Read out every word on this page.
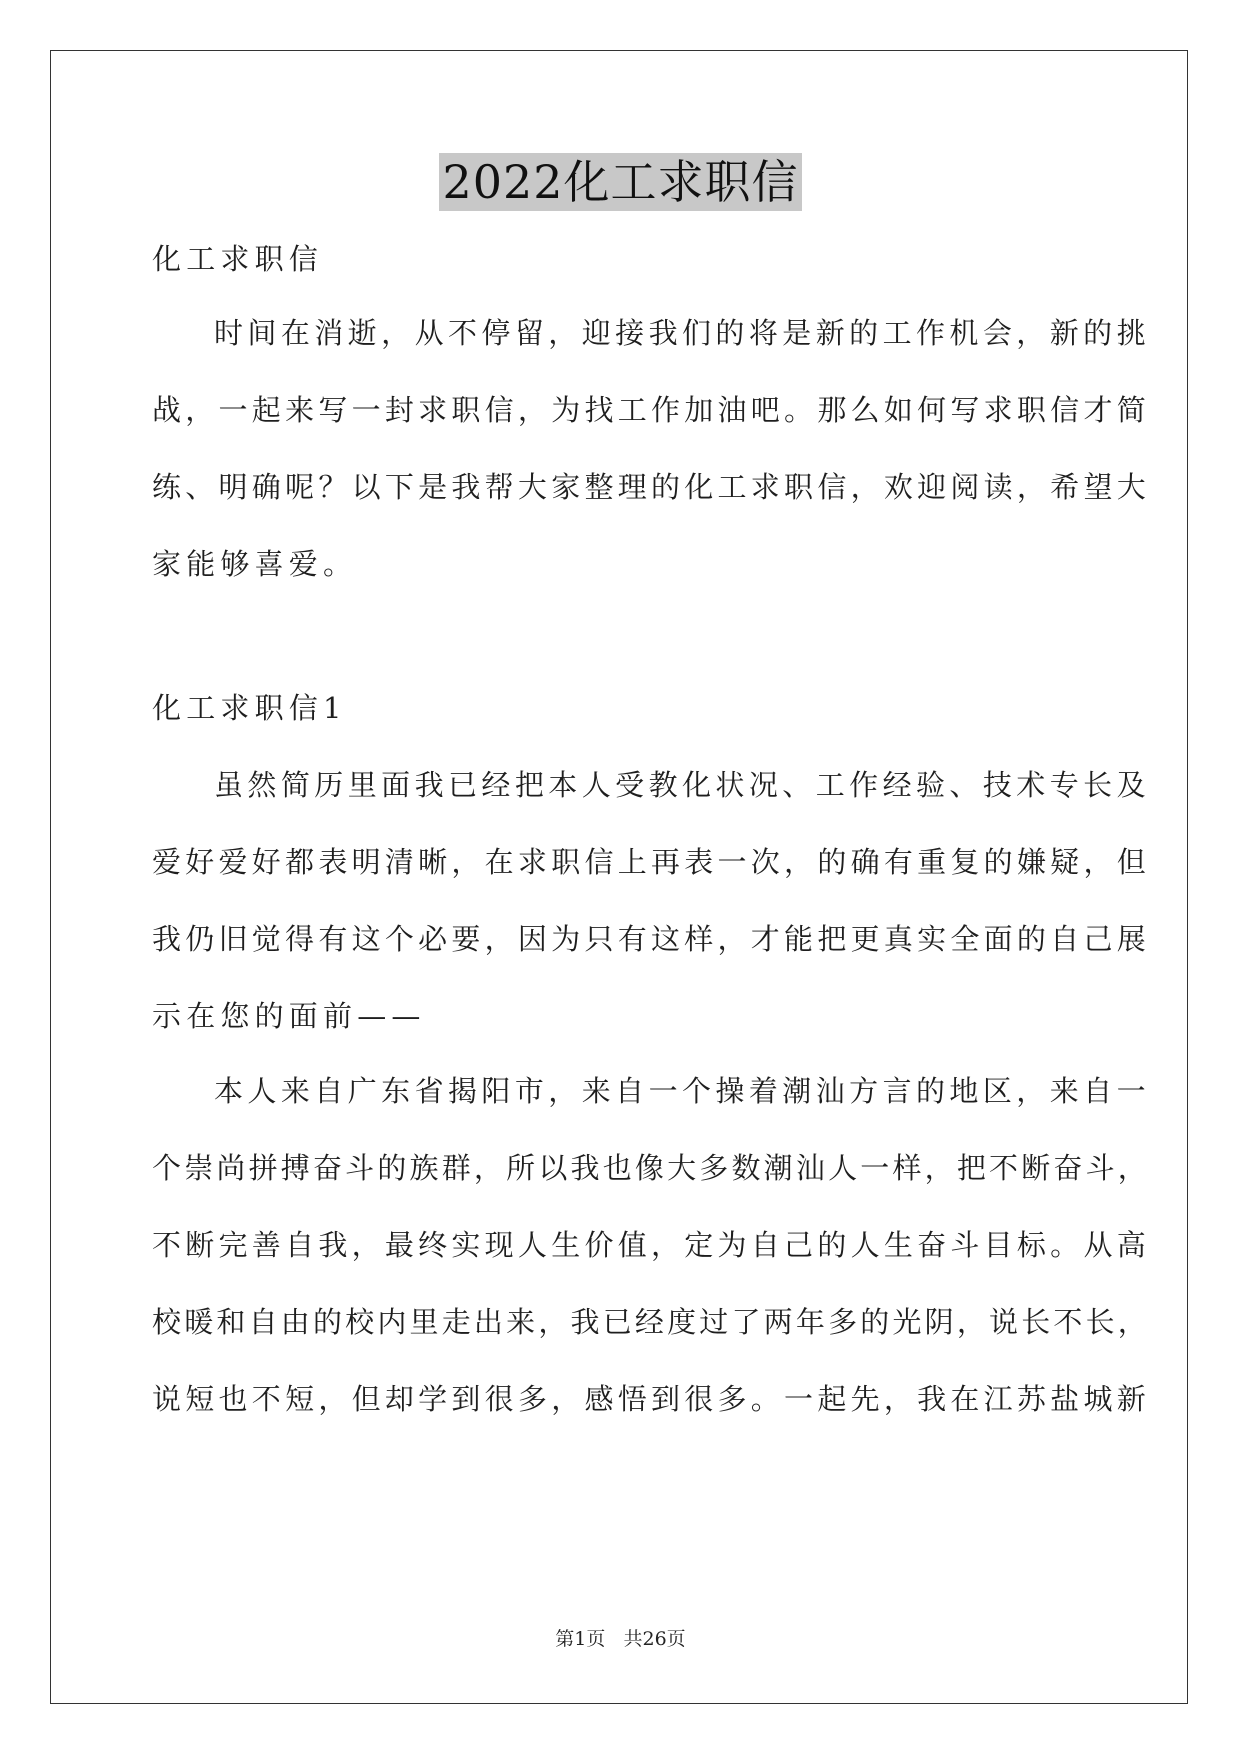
2022化工求职信
化工求职信
时间在消逝，从不停留，迎接我们的将是新的工作机会，新的挑
战，一起来写一封求职信，为找工作加油吧。那么如何写求职信才简
练、明确呢？以下是我帮大家整理的化工求职信，欢迎阅读，希望大
家能够喜爱。
化工求职信1
虽然简历里面我已经把本人受教化状况、工作经验、技术专长及
爱好爱好都表明清晰，在求职信上再表一次，的确有重复的嫌疑，但
我仍旧觉得有这个必要，因为只有这样，才能把更真实全面的自己展
示在您的面前——
本人来自广东省揭阳市，来自一个操着潮汕方言的地区，来自一
个崇尚拼搏奋斗的族群，所以我也像大多数潮汕人一样，把不断奋斗，
不断完善自我，最终实现人生价值，定为自己的人生奋斗目标。从高
校暖和自由的校内里走出来，我已经度过了两年多的光阴，说长不长，
说短也不短，但却学到很多，感悟到很多。一起先，我在江苏盐城新
第1页   共26页
